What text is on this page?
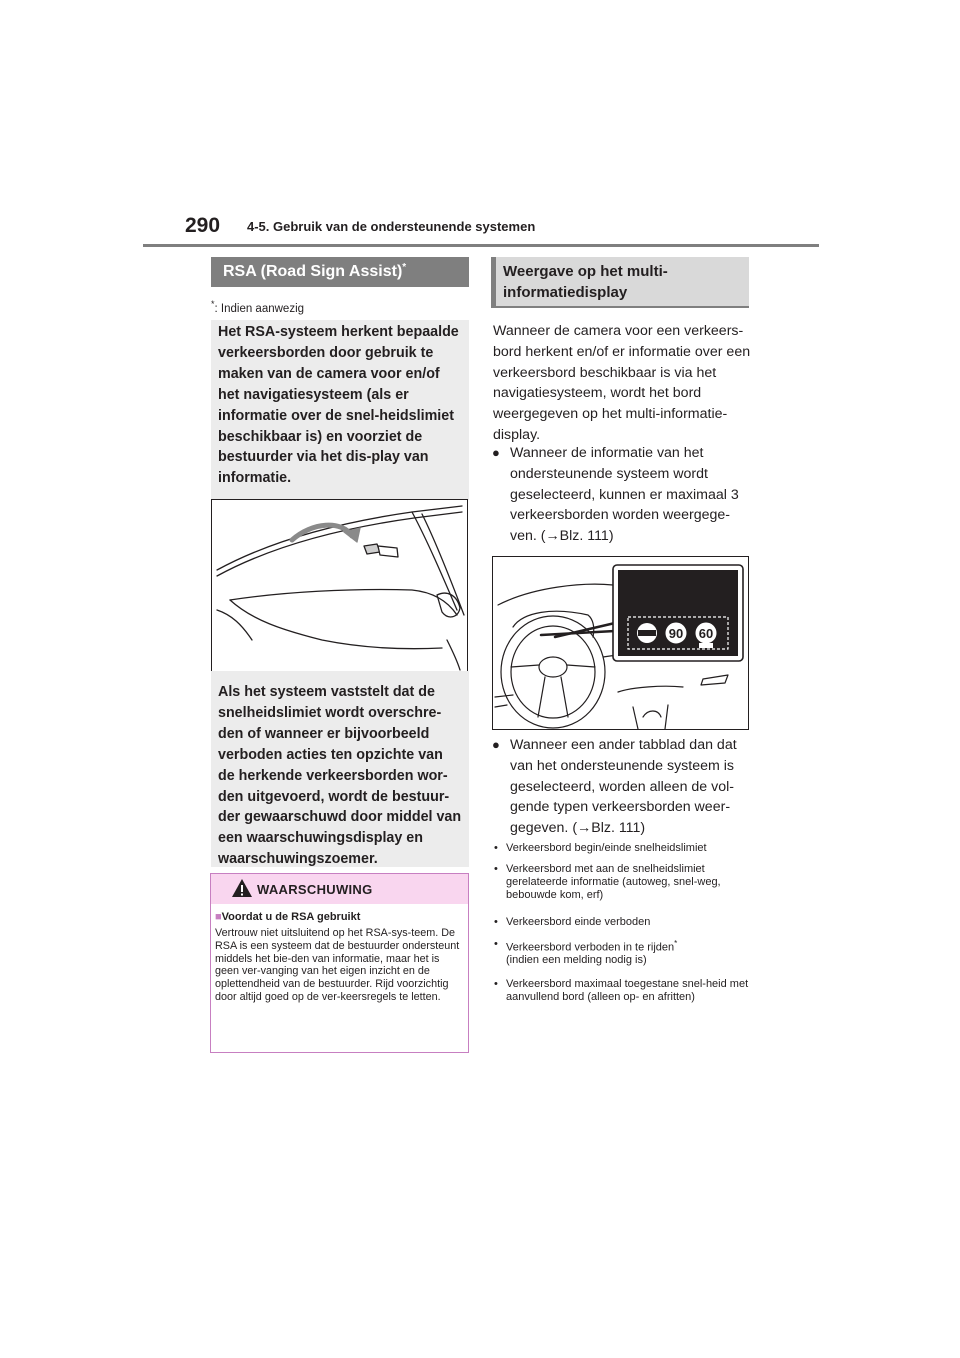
290 4-5. Gebruik van de ondersteunende systemen
RSA (Road Sign Assist)*
*: Indien aanwezig
Het RSA-systeem herkent bepaalde verkeersborden door gebruik te maken van de camera voor en/of het navigatiesysteem (als er informatie over de snel-heidslimiet beschikbaar is) en voorziet de bestuurder via het dis-play van informatie.
Als het systeem vaststelt dat de snelheidslimiet wordt overschre-den of wanneer er bijvoorbeeld verboden acties ten opzichte van de herkende verkeersborden wor-den uitgevoerd, wordt de bestuur-der gewaarschuwd door middel van een waarschuwingsdisplay en waarschuwingszoemer.
WAARSCHUWING
■Voordat u de RSA gebruikt
Vertrouw niet uitsluitend op het RSA-sys-teem. De RSA is een systeem dat de bestuurder ondersteunt middels het bie-den van informatie, maar het is geen ver-vanging van het eigen inzicht en de oplettendheid van de bestuurder. Rijd voorzichtig door altijd goed op de ver-keersregels te letten.
Weergave op het multi-informatiedisplay
Wanneer de camera voor een verkeers-bord herkent en/of er informatie over een verkeersbord beschikbaar is via het navigatiesysteem, wordt het bord weergegeven op het multi-informatie-display.
● Wanneer de informatie van het ondersteunende systeem wordt geselecteerd, kunnen er maximaal 3 verkeersborden worden weergege-ven. (→Blz. 111)
90 60
● Wanneer een ander tabblad dan dat van het ondersteunende systeem is geselecteerd, worden alleen de vol-gende typen verkeersborden weer-gegeven. (→Blz. 111)
• Verkeersbord begin/einde snelheidslimiet
• Verkeersbord met aan de snelheidslimiet gerelateerde informatie (autoweg, snel-weg, bebouwde kom, erf)
• Verkeersbord einde verboden
• Verkeersbord verboden in te rijden*
(indien een melding nodig is)
• Verkeersbord maximaal toegestane snel-heid met aanvullend bord (alleen op- en afritten)
